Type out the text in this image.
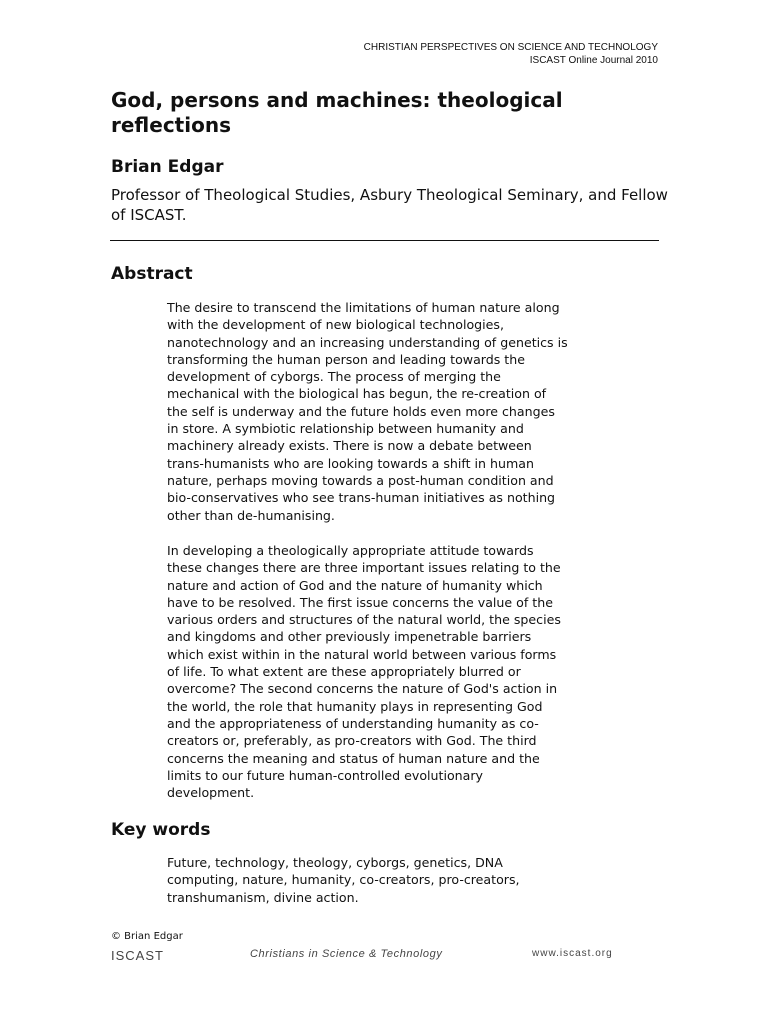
CHRISTIAN PERSPECTIVES ON SCIENCE AND TECHNOLOGY
ISCAST Online Journal 2010
God, persons and machines: theological reflections
Brian Edgar

Professor of Theological Studies, Asbury Theological Seminary, and Fellow of ISCAST.

Abstract

The desire to transcend the limitations of human nature along
with the development of new biological technologies,
nanotechnology and an increasing understanding of genetics is
transforming the human person and leading towards the
development of cyborgs. The process of merging the
mechanical with the biological has begun, the re-creation of
the self is underway and the future holds even more changes
in store. A symbiotic relationship between humanity and
machinery already exists. There is now a debate between
trans-humanists who are looking towards a shift in human
nature, perhaps moving towards a post-human condition and
bio-conservatives who see trans-human initiatives as nothing
other than de-humanising.

In developing a theologically appropriate attitude towards
these changes there are three important issues relating to the
nature and action of God and the nature of humanity which
have to be resolved. The first issue concerns the value of the
various orders and structures of the natural world, the species
and kingdoms and other previously impenetrable barriers
which exist within in the natural world between various forms
of life. To what extent are these appropriately blurred or
overcome? The second concerns the nature of God's action in
the world, the role that humanity plays in representing God
and the appropriateness of understanding humanity as co-
creators or, preferably, as pro-creators with God. The third
concerns the meaning and status of human nature and the
limits to our future human-controlled evolutionary
development.

Key words

Future, technology, theology, cyborgs, genetics, DNA
computing, nature, humanity, co-creators, pro-creators,
transhumanism, divine action.

© Brian Edgar
ISCAST	Christians in Science & Technology	www.iscast.org
